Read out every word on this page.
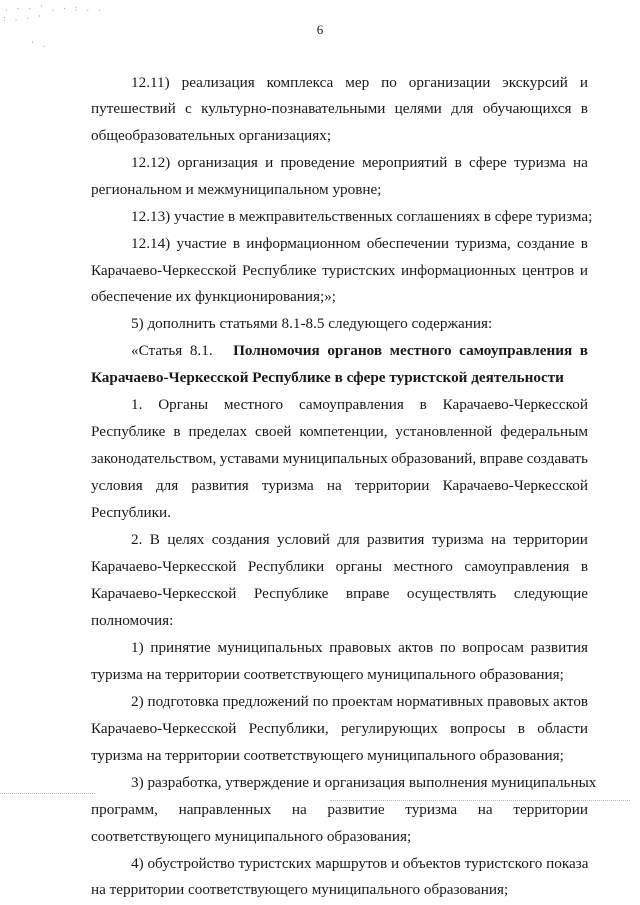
. - - ' . · : . .
: . · '
' .
6
12.11) реализация комплекса мер по организации экскурсий и
путешествий с культурно-познавательными целями для обучающихся в
общеобразовательных организациях;
12.12) организация и проведение мероприятий в сфере туризма на
региональном и межмуниципальном уровне;
12.13) участие в межправительственных соглашениях в сфере туризма;
12.14) участие в информационном обеспечении туризма, создание в
Карачаево-Черкесской Республике туристских информационных центров и
обеспечение их функционирования;»;
5) дополнить статьями 8.1-8.5 следующего содержания:
«Статья  8.1. Полномочия  органов  местного  самоуправления  в
Карачаево-Черкесской Республике в сфере туристской деятельности
1. Органы местного самоуправления в Карачаево-Черкесской
Республике в пределах своей компетенции, установленной федеральным
законодательством, уставами муниципальных образований, вправе создавать
условия для развития туризма на территории Карачаево-Черкесской
Республики.
2. В целях создания условий для развития туризма на территории
Карачаево-Черкесской Республики органы местного самоуправления в
Карачаево-Черкесской Республике вправе осуществлять следующие
полномочия:
1) принятие муниципальных правовых актов по вопросам развития
туризма на территории соответствующего муниципального образования;
2) подготовка предложений по проектам нормативных правовых актов
Карачаево-Черкесской Республики, регулирующих вопросы в области
туризма на территории соответствующего муниципального образования;
3) разработка, утверждение и организация выполнения муниципальных
программ, направленных на развитие туризма на территории
соответствующего муниципального образования;
4) обустройство туристских маршрутов и объектов туристского показа
на территории соответствующего муниципального образования;
